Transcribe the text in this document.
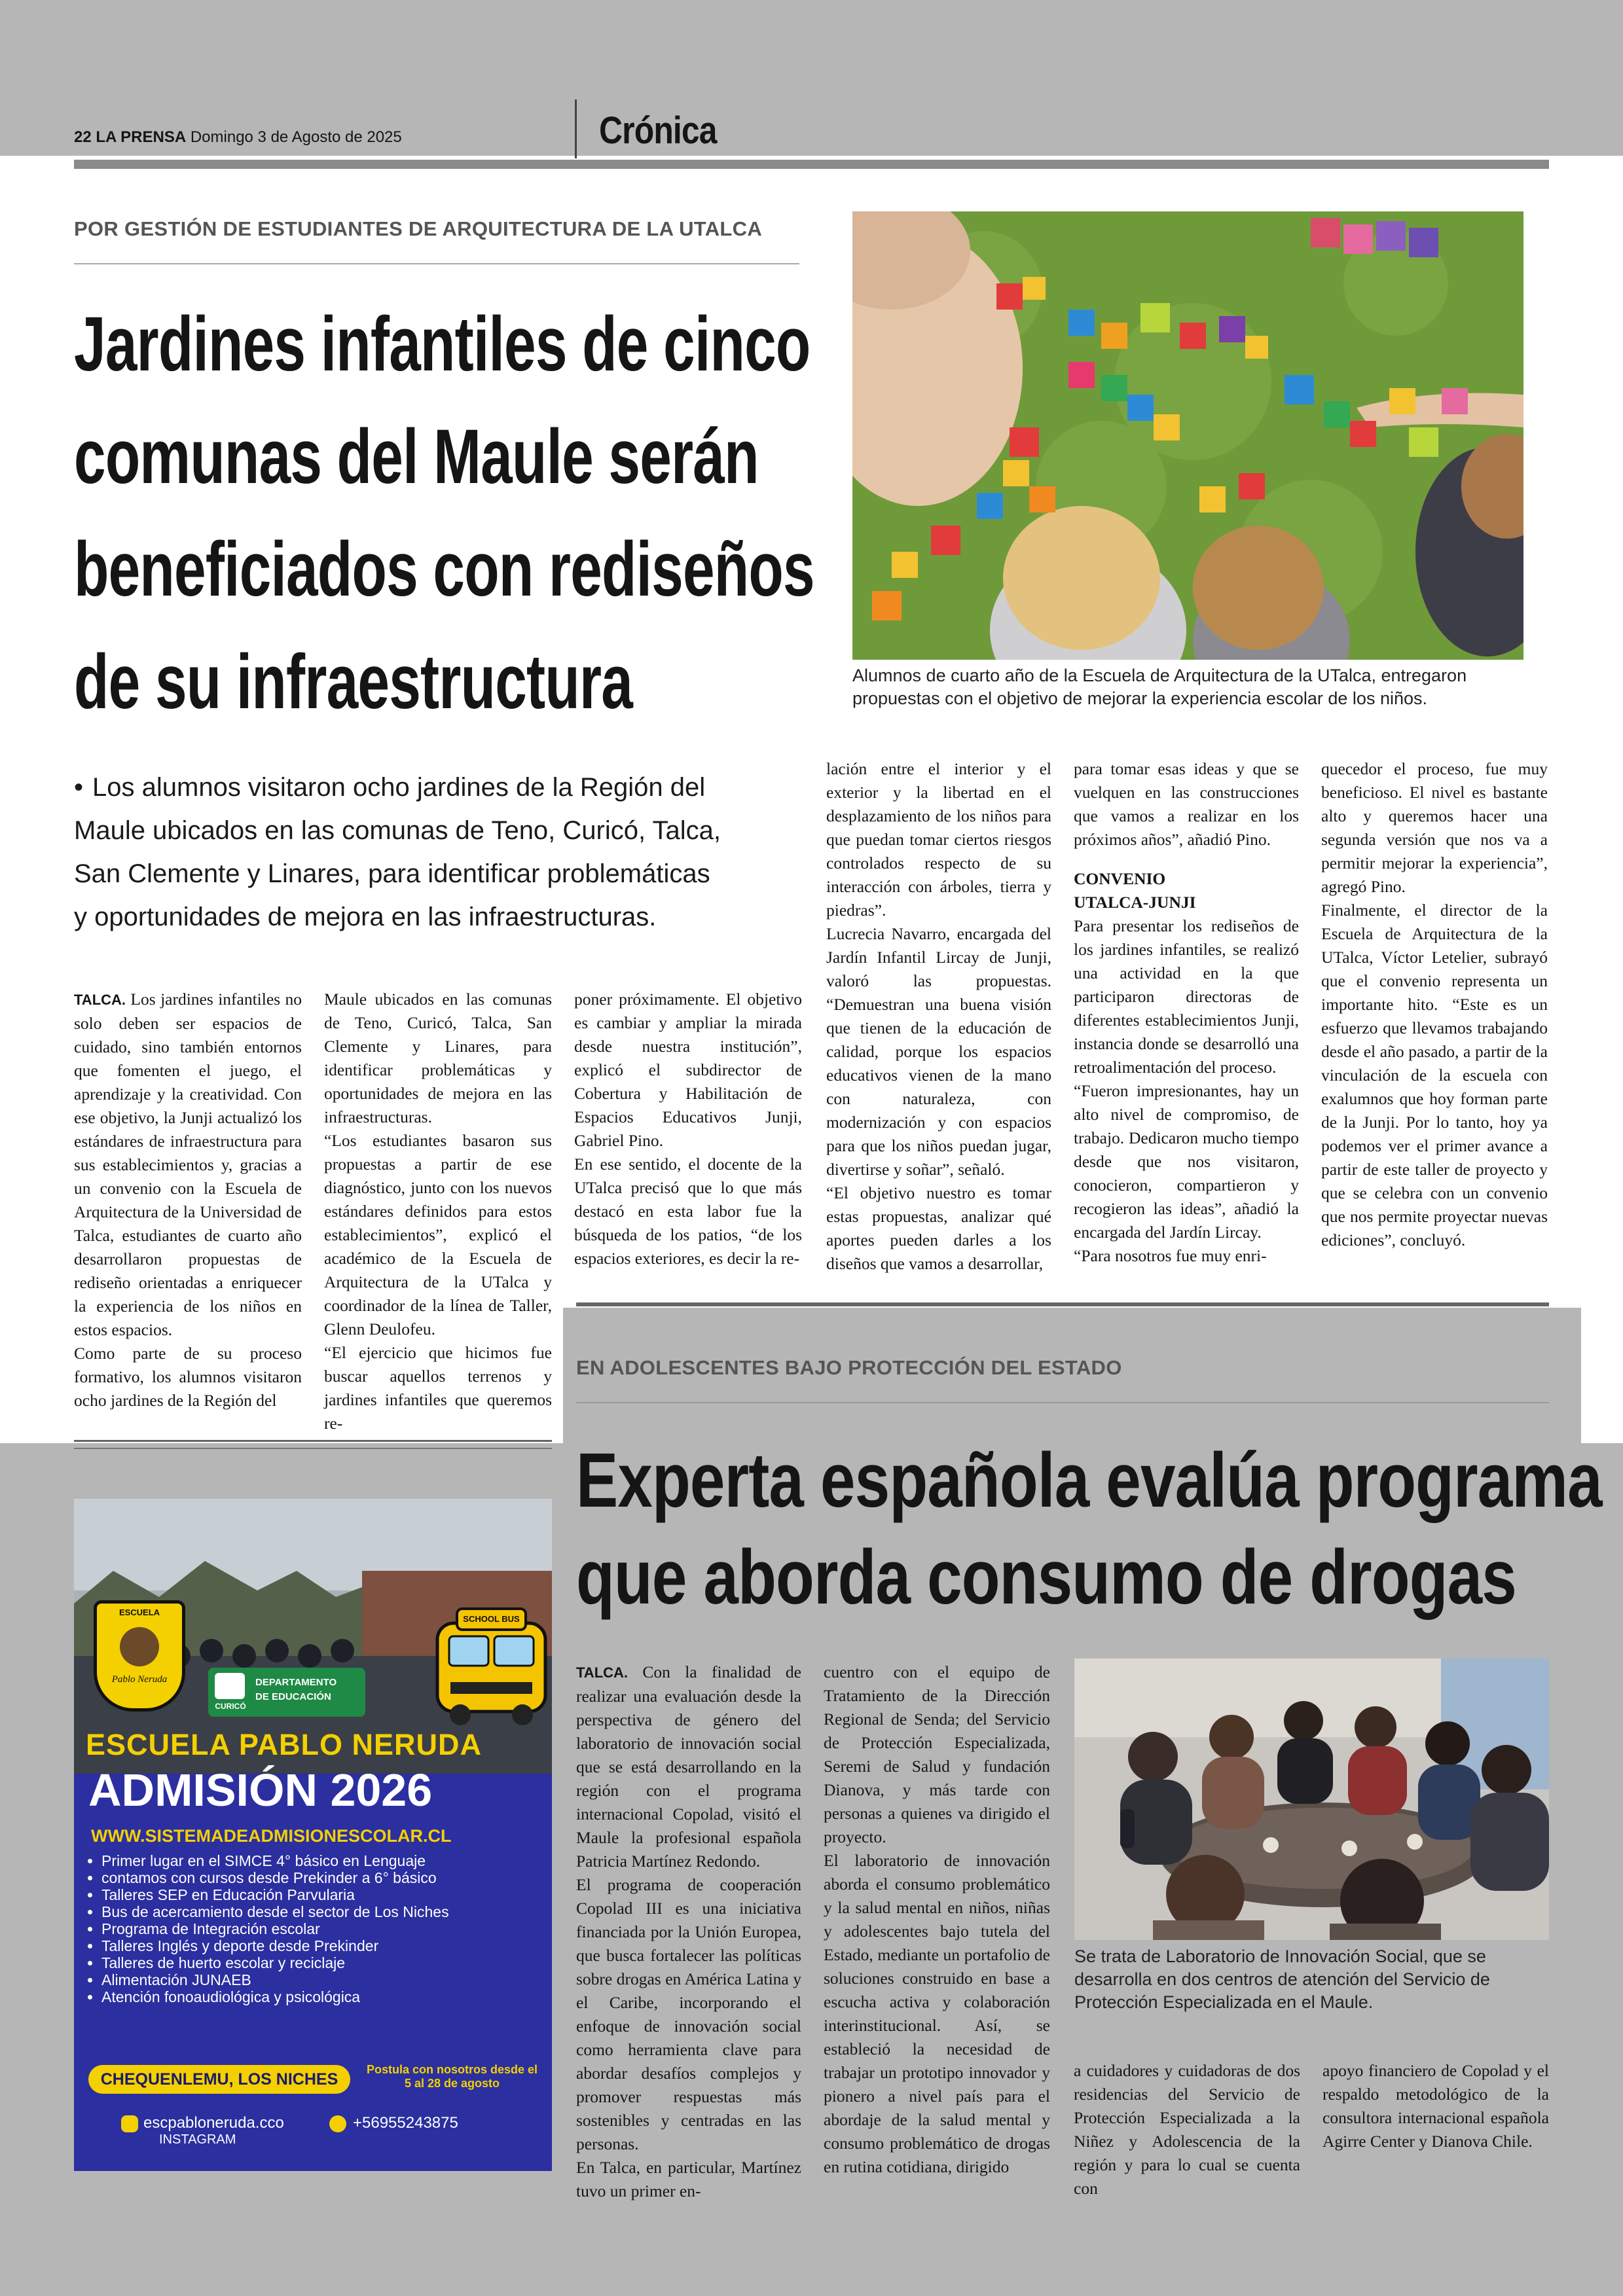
22 LA PRENSA Domingo 3 de Agosto de 2025	Crónica
POR GESTIÓN DE ESTUDIANTES DE ARQUITECTURA DE LA UTALCA
Jardines infantiles de cinco
comunas del Maule serán
beneficiados con rediseños
de su infraestructura
• Los alumnos visitaron ocho jardines de la Región del
Maule ubicados en las comunas de Teno, Curicó, Talca,
San Clemente y Linares, para identificar problemáticas
y oportunidades de mejora en las infraestructuras.
Alumnos de cuarto año de la Escuela de Arquitectura de la UTalca, entregaron propuestas con el objetivo de mejorar la experiencia escolar de los niños.

TALCA. Los jardines infantiles no solo deben ser espacios de cuidado, sino también entornos que fomenten el juego, el aprendizaje y la creatividad. Con ese objetivo, la Junji actualizó los estándares de infraestructura para sus establecimientos y, gracias a un convenio con la Escuela de Arquitectura de la Universidad de Talca, estudiantes de cuarto año desarrollaron propuestas de rediseño orientadas a enriquecer la experiencia de los niños en estos espacios.

Como parte de su proceso formativo, los alumnos visitaron ocho jardines de la Región del

Maule ubicados en las comunas de Teno, Curicó, Talca, San Clemente y Linares, para identificar problemáticas y oportunidades de mejora en las infraestructuras.

“Los estudiantes basaron sus propuestas a partir de ese diagnóstico, junto con los nuevos estándares definidos para estos establecimientos”, explicó el académico de la Escuela de Arquitectura de la UTalca y coordinador de la línea de Taller, Glenn Deulofeu.

“El ejercicio que hicimos fue buscar aquellos terrenos y jardines infantiles que queremos re-

poner próximamente. El objetivo es cambiar y ampliar la mirada desde nuestra institución”, explicó el subdirector de Cobertura y Habilitación de Espacios Educativos Junji, Gabriel Pino.

En ese sentido, el docente de la UTalca precisó que lo que más destacó en esta labor fue la búsqueda de los patios, “de los espacios exteriores, es decir la re-

lación entre el interior y el exterior y la libertad en el desplazamiento de los niños para que puedan tomar ciertos riesgos controlados respecto de su interacción con árboles, tierra y piedras”.

Lucrecia Navarro, encargada del Jardín Infantil Lircay de Junji, valoró las propuestas. “Demuestran una buena visión que tienen de la educación de calidad, porque los espacios educativos vienen de la mano con naturaleza, con modernización y con espacios para que los niños puedan jugar, divertirse y soñar”, señaló.

“El objetivo nuestro es tomar estas propuestas, analizar qué aportes pueden darles a los diseños que vamos a desarrollar,

para tomar esas ideas y que se vuelquen en las construcciones que vamos a realizar en los próximos años”, añadió Pino.

CONVENIO UTALCA-JUNJI

Para presentar los rediseños de los jardines infantiles, se realizó una actividad en la que participaron directoras de diferentes establecimientos Junji, instancia donde se desarrolló una retroalimentación del proceso.

“Fueron impresionantes, hay un alto nivel de compromiso, de trabajo. Dedicaron mucho tiempo desde que nos visitaron, conocieron, compartieron y recogieron las ideas”, añadió la encargada del Jardín Lircay.

“Para nosotros fue muy enri-

quecedor el proceso, fue muy beneficioso. El nivel es bastante alto y queremos hacer una segunda versión que nos va a permitir mejorar la experiencia”, agregó Pino.

Finalmente, el director de la Escuela de Arquitectura de la UTalca, Víctor Letelier, subrayó que el convenio representa un importante hito. “Este es un esfuerzo que llevamos trabajando desde el año pasado, a partir de la vinculación de la escuela con exalumnos que hoy forman parte de la Junji. Por lo tanto, hoy ya podemos ver el primer avance a partir de este taller de proyecto y que se celebra con un convenio que nos permite proyectar nuevas ediciones”, concluyó.

EN ADOLESCENTES BAJO PROTECCIÓN DEL ESTADO
Experta española evalúa programa
que aborda consumo de drogas

TALCA. Con la finalidad de realizar una evaluación desde la perspectiva de género del laboratorio de innovación social que se está desarrollando en la región con el programa internacional Copolad, visitó el Maule la profesional española Patricia Martínez Redondo.

El programa de cooperación Copolad III es una iniciativa financiada por la Unión Europea, que busca fortalecer las políticas sobre drogas en América Latina y el Caribe, incorporando el enfoque de innovación social como herramienta clave para abordar desafíos complejos y promover respuestas más sostenibles y centradas en las personas.

En Talca, en particular, Martínez tuvo un primer en-

cuentro con el equipo de Tratamiento de la Dirección Regional de Senda; del Servicio de Protección Especializada, Seremi de Salud y fundación Dianova, y más tarde con personas a quienes va dirigido el proyecto.

El laboratorio de innovación aborda el consumo problemático y la salud mental en niños, niñas y adolescentes bajo tutela del Estado, mediante un portafolio de soluciones construido en base a escucha activa y colaboración interinstitucional. Así, se estableció la necesidad de trabajar un prototipo innovador y pionero a nivel país para el abordaje de la salud mental y consumo problemático de drogas en rutina cotidiana, dirigido

Se trata de Laboratorio de Innovación Social, que se desarrolla en dos centros de atención del Servicio de Protección Especializada en el Maule.

a cuidadores y cuidadoras de dos residencias del Servicio de Protección Especializada a la Niñez y Adolescencia de la región y para lo cual se cuenta con

apoyo financiero de Copolad y el respaldo metodológico de la consultora internacional española Agirre Center y Dianova Chile.

ESCUELA
Pablo Neruda
CURICÓ
DEPARTAMENTO
DE EDUCACIÓN
SCHOOL BUS
ESCUELA PABLO NERUDA
ADMISIÓN 2026
WWW.SISTEMADEADMISIONESCOLAR.CL
• Primer lugar en el SIMCE 4° básico en Lenguaje
• contamos con cursos desde Prekinder a 6° básico
• Talleres SEP en Educación Parvularia
• Bus de acercamiento desde el sector de Los Niches
• Programa de Integración escolar
• Talleres Inglés y deporte desde Prekinder
• Talleres de huerto escolar y reciclaje
• Alimentación JUNAEB
• Atención fonoaudiológica y psicológica
CHEQUENLEMU, LOS NICHES
Postula con nosotros desde el 5 al 28 de agosto
escpabloneruda.cco
INSTAGRAM
+56955243875
